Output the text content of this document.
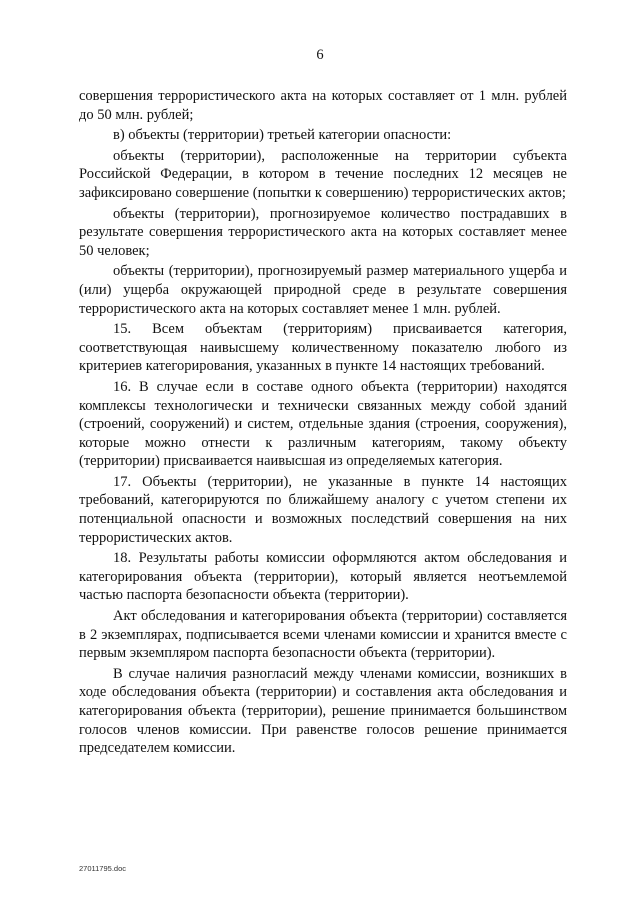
6

совершения террористического акта на которых составляет от 1 млн. рублей до 50 млн. рублей;

в) объекты (территории) третьей категории опасности:

объекты (территории), расположенные на территории субъекта Российской Федерации, в котором в течение последних 12 месяцев не зафиксировано совершение (попытки к совершению) террористических актов;

объекты (территории), прогнозируемое количество пострадавших в результате совершения террористического акта на которых составляет менее 50 человек;

объекты (территории), прогнозируемый размер материального ущерба и (или) ущерба окружающей природной среде в результате совершения террористического акта на которых составляет менее 1 млн. рублей.

15. Всем объектам (территориям) присваивается категория, соответствующая наивысшему количественному показателю любого из критериев категорирования, указанных в пункте 14 настоящих требований.

16. В случае если в составе одного объекта (территории) находятся комплексы технологически и технически связанных между собой зданий (строений, сооружений) и систем, отдельные здания (строения, сооружения), которые можно отнести к различным категориям, такому объекту (территории) присваивается наивысшая из определяемых категория.

17. Объекты (территории), не указанные в пункте 14 настоящих требований, категорируются по ближайшему аналогу с учетом степени их потенциальной опасности и возможных последствий совершения на них террористических актов.

18. Результаты работы комиссии оформляются актом обследования и категорирования объекта (территории), который является неотъемлемой частью паспорта безопасности объекта (территории).

Акт обследования и категорирования объекта (территории) составляется в 2 экземплярах, подписывается всеми членами комиссии и хранится вместе с первым экземпляром паспорта безопасности объекта (территории).

В случае наличия разногласий между членами комиссии, возникших в ходе обследования объекта (территории) и составления акта обследования и категорирования объекта (территории), решение принимается большинством голосов членов комиссии. При равенстве голосов решение принимается председателем комиссии.

27011795.doc
